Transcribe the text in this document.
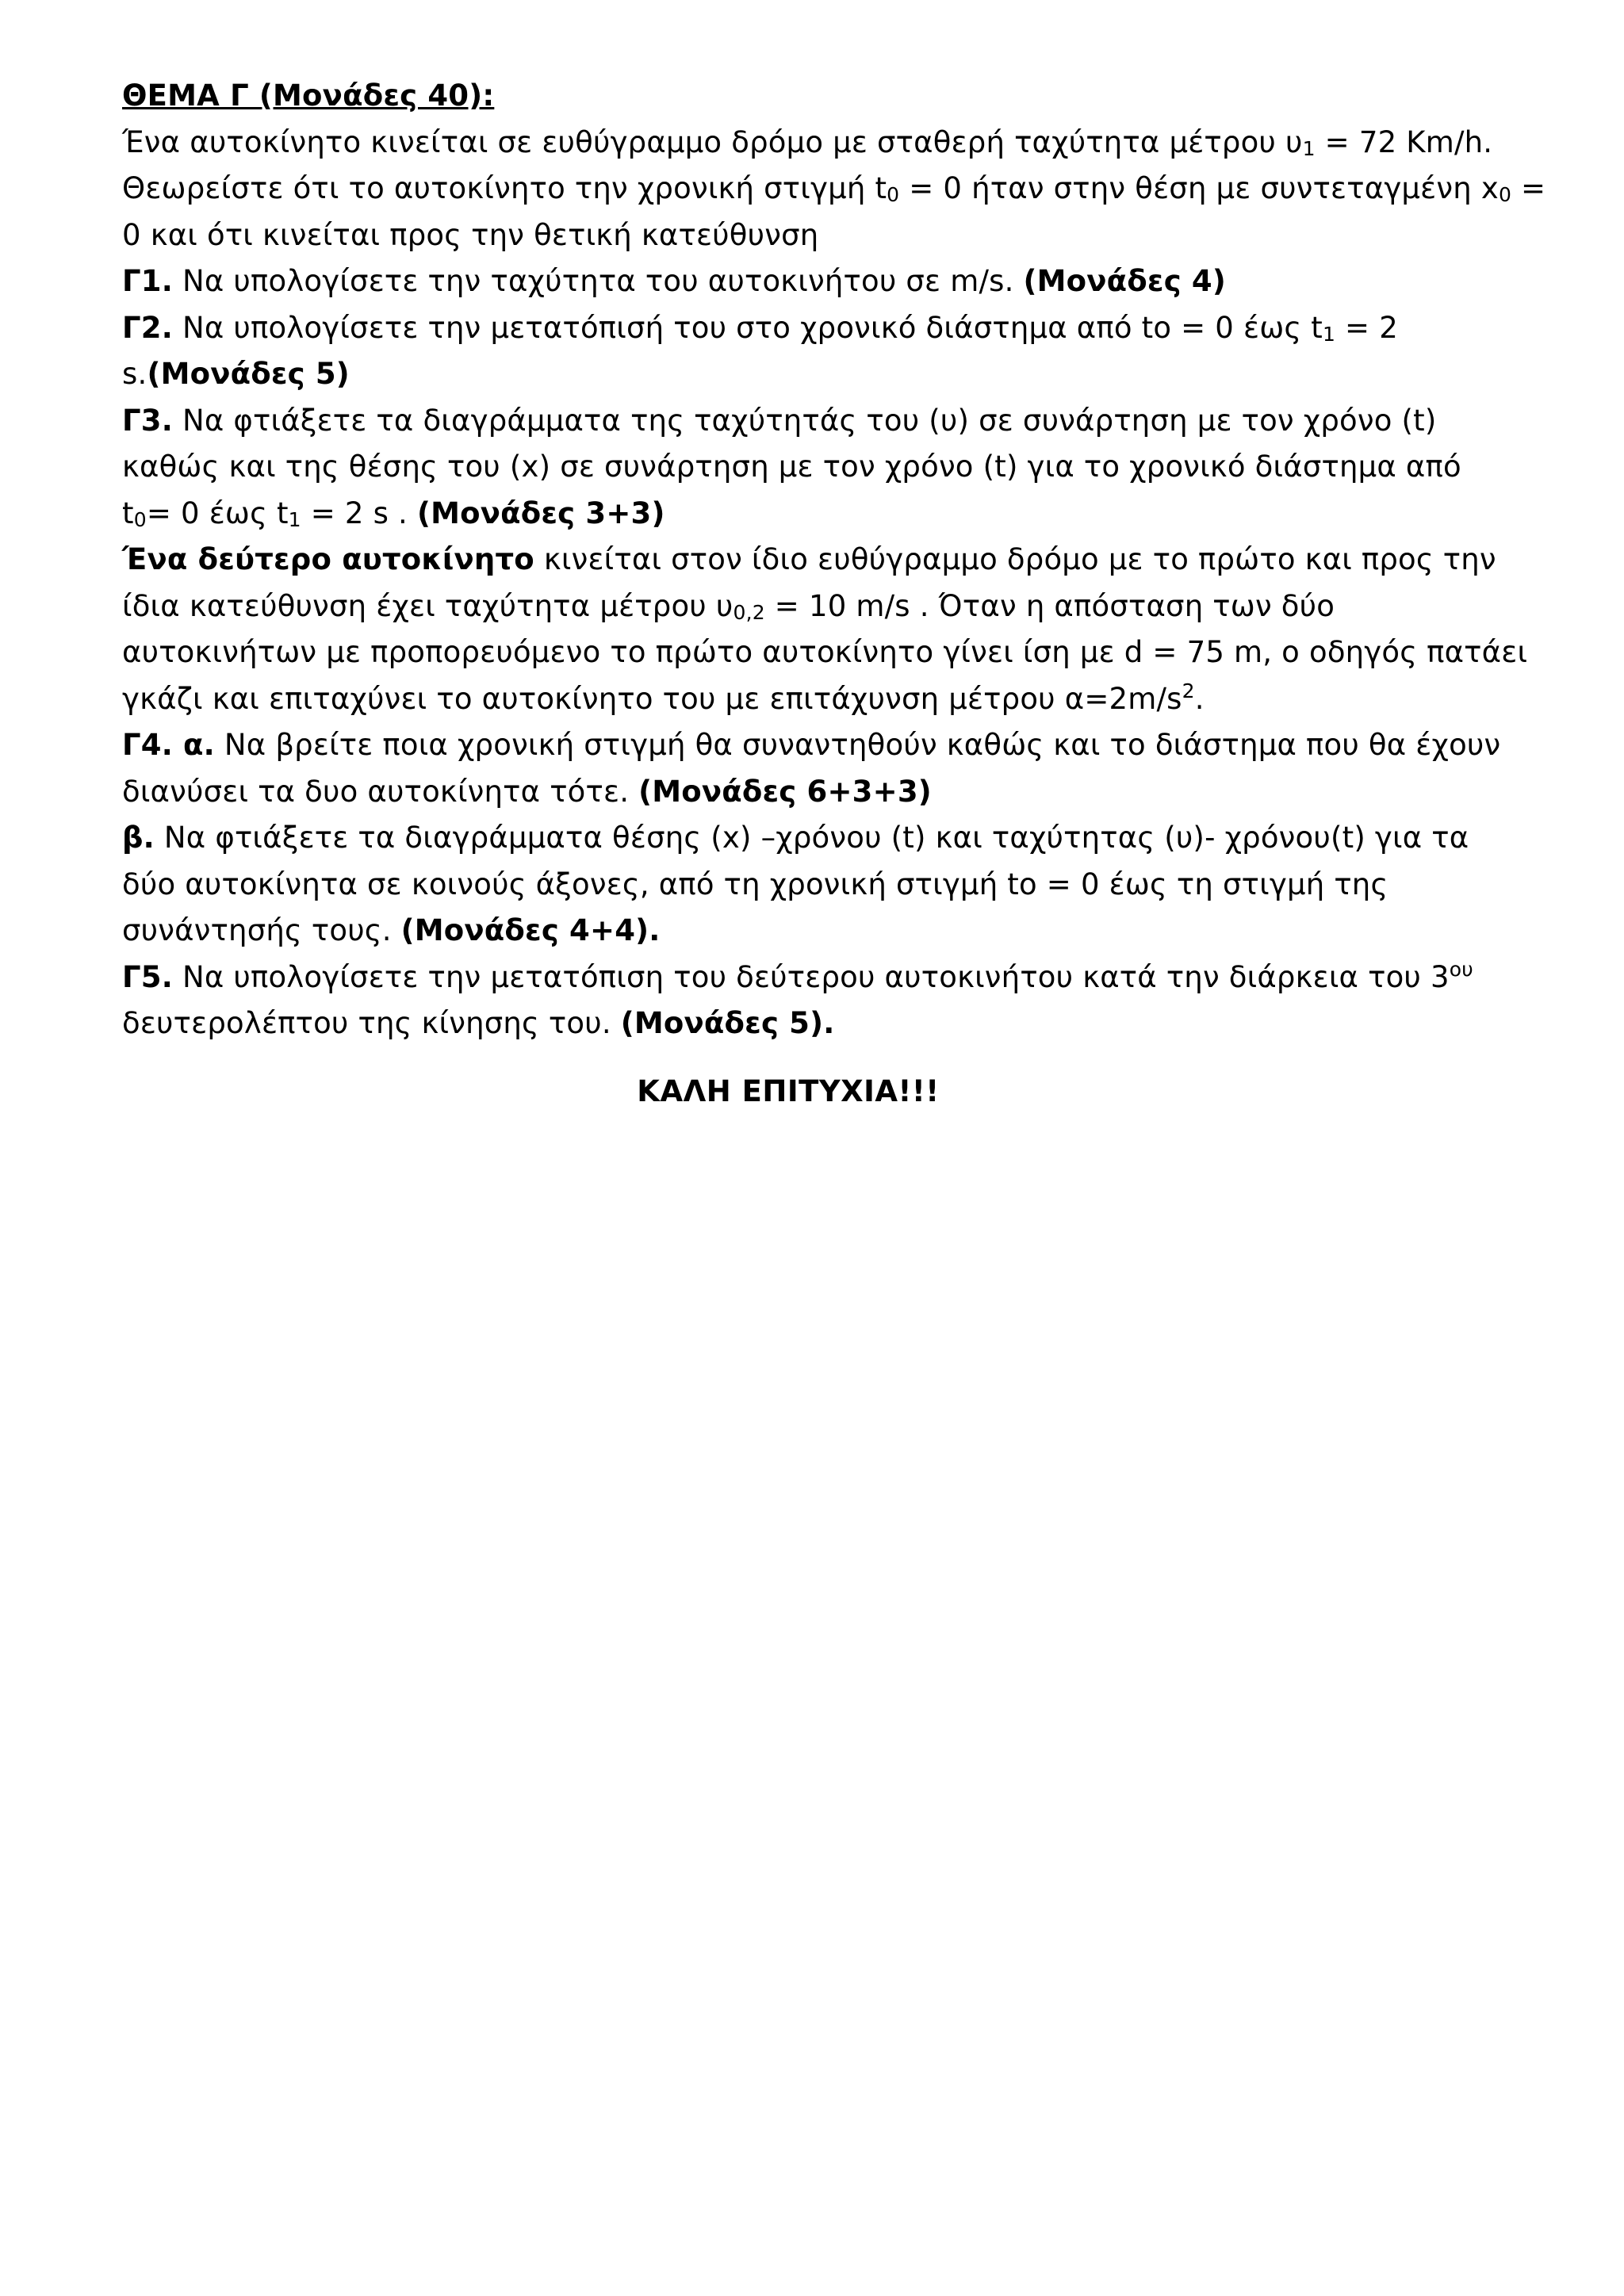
ΘΕΜΑ Γ (Μονάδες 40):
Ένα αυτοκίνητο κινείται σε ευθύγραμμο δρόμο με σταθερή ταχύτητα μέτρου $\upsilon_1 = 72$ Km/h.
Θεωρείστε ότι το αυτοκίνητο την χρονική στιγμή $t_0 = 0$ ήταν στην θέση με συντεταγμένη $x_0$ =
0 και ότι κινείται προς την θετική κατεύθυνση
Γ1. Να υπολογίσετε την ταχύτητα του αυτοκινήτου σε m/s. (Μονάδες 4)
Γ2. Να υπολογίσετε την μετατόπισή του στο χρονικό διάστημα από to = 0 έως $t_1 = 2$
s.(Μονάδες 5)
Γ3. Να φτιάξετε τα διαγράμματα της ταχύτητάς του (υ) σε συνάρτηση με τον χρόνο (t)
καθώς και της θέσης του (x) σε συνάρτηση με τον χρόνο (t) για το χρονικό διάστημα από
$t_0= 0$ έως $t_1 = 2$ s . (Μονάδες 3+3)
Ένα δεύτερο αυτοκίνητο κινείται στον ίδιο ευθύγραμμο δρόμο με το πρώτο και προς την
ίδια κατεύθυνση έχει ταχύτητα μέτρου $\upsilon_{0,2} = 10$ m/s . Όταν η απόσταση των δύο
αυτοκινήτων με προπορευόμενο το πρώτο αυτοκίνητο γίνει ίση με d = 75 m, ο οδηγός πατάει
γκάζι και επιταχύνει το αυτοκίνητο του με επιτάχυνση μέτρου $\alpha=2m/s^2$.
Γ4. α. Να βρείτε ποια χρονική στιγμή θα συναντηθούν καθώς και το διάστημα που θα έχουν
διανύσει τα δυο αυτοκίνητα τότε. (Μονάδες 6+3+3)
β. Να φτιάξετε τα διαγράμματα θέσης (x) –χρόνου (t) και ταχύτητας (υ)- χρόνου(t) για τα
δύο αυτοκίνητα σε κοινούς άξονες, από τη χρονική στιγμή to = 0 έως τη στιγμή της
συνάντησής τους. (Μονάδες 4+4).
Γ5. Να υπολογίσετε την μετατόπιση του δεύτερου αυτοκινήτου κατά την διάρκεια του $3^{o\upsilon}$
δευτερολέπτου της κίνησης του. (Μονάδες 5).
ΚΑΛΗ ΕΠΙΤΥΧΙΑ!!!
